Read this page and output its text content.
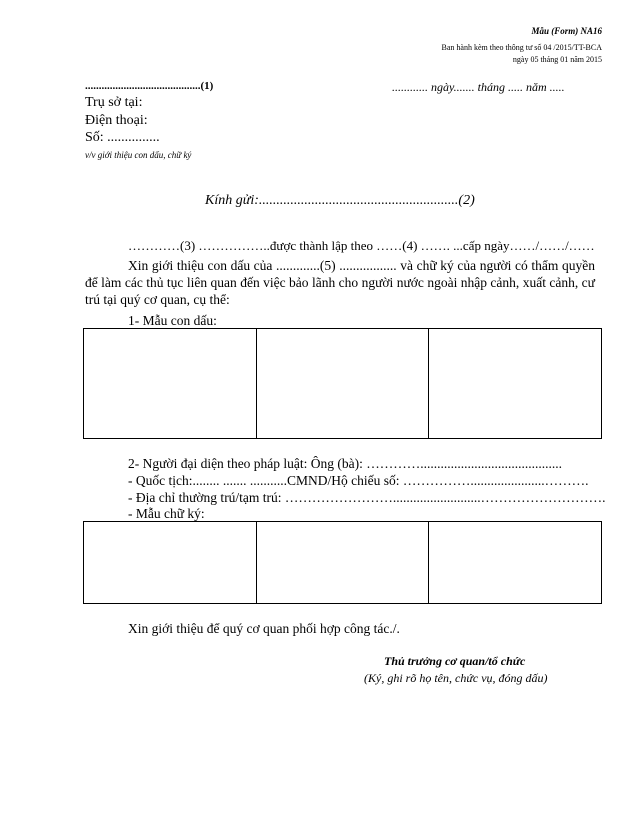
Mẫu (Form) NA16
Ban hành kèm theo thông tư số 04 /2015/TT-BCA
ngày 05 tháng 01 năm 2015
..........................................(1)	............ ngày....... tháng ..... năm .....
Trụ sở tại:
Điện thoại:
Số: ...............
v/v giới thiệu con dấu, chữ ký
Kính gửi:.........................................................(2)
…………(3) ……………..được thành lập theo ……(4) ……. ...cấp ngày……/……/……
Xin giới thiệu con dấu của .............(5) ................. và chữ ký của người có thẩm quyền để làm các thủ tục liên quan đến việc bảo lãnh cho người nước ngoài nhập cảnh, xuất cảnh, cư trú tại quý cơ quan, cụ thể:
1- Mẫu con dấu:
2- Người đại diện theo pháp luật: Ông (bà): …………..........................................
- Quốc tịch:........ ....... ...........CMND/Hộ chiếu số: ……………......................……….
- Địa chỉ thường trú/tạm trú: ……………………..........................……………………….
- Mẫu chữ ký:
Xin giới thiệu để quý cơ quan phối hợp công tác./.
Thủ trưởng cơ quan/tổ chức
(Ký, ghi rõ họ tên, chức vụ, đóng dấu)
